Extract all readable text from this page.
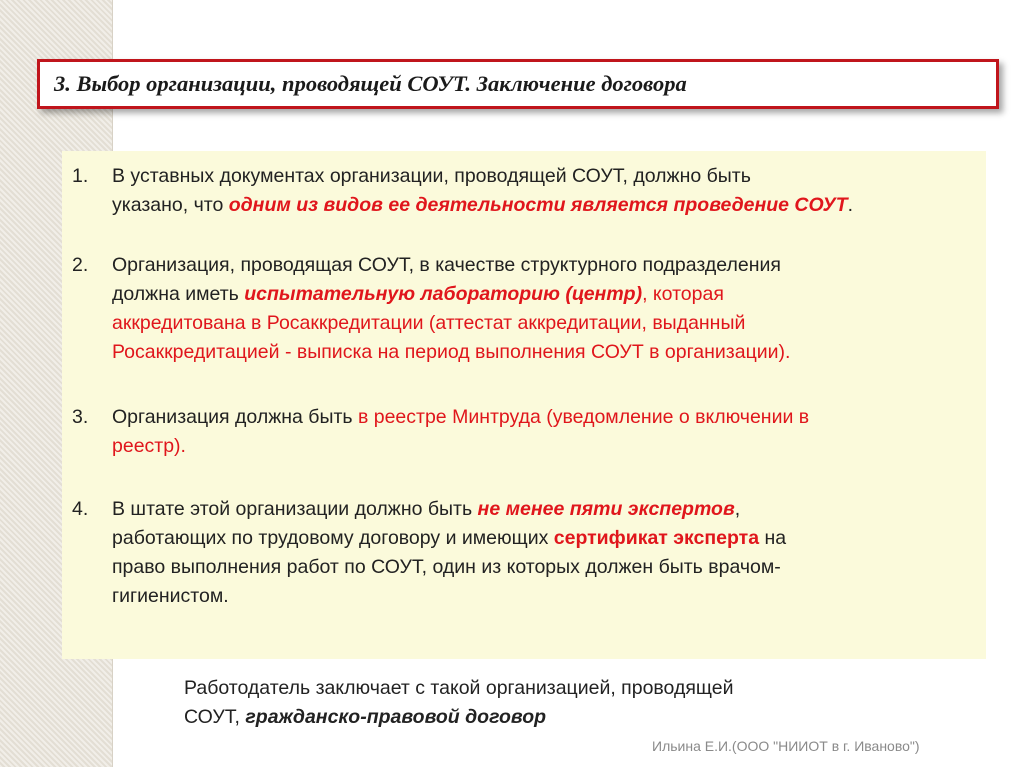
3. Выбор организации, проводящей СОУТ. Заключение договора
1. В уставных документах организации, проводящей СОУТ, должно быть
указано, что одним из видов ее деятельности является проведение СОУТ.
2. Организация, проводящая СОУТ, в качестве структурного подразделения
должна иметь испытательную лабораторию (центр), которая
аккредитована в Росаккредитации (аттестат аккредитации, выданный
Росаккредитацией - выписка на период выполнения СОУТ в организации).
3. Организация должна быть в реестре Минтруда (уведомление о включении в
реестр).
4. В штате этой организации должно быть не менее пяти экспертов,
работающих по трудовому договору и имеющих сертификат эксперта на
право выполнения работ по СОУТ, один из которых должен быть врачом-
гигиенистом.
Работодатель заключает с такой организацией, проводящей
СОУТ, гражданско-правовой договор
Ильина Е.И.(ООО "НИИОТ в г. Иваново")
